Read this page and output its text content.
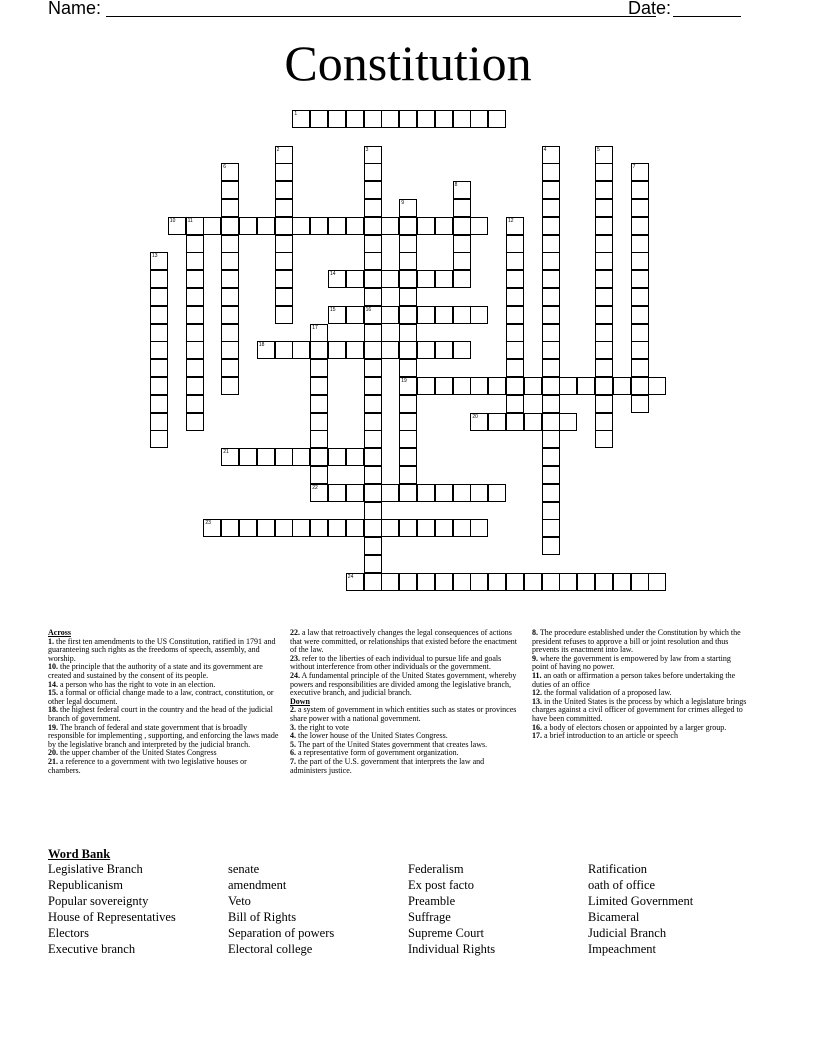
Name:	Date:
Constitution
1
10 11
14
15	16
18
19
20
21
22
23
24
2	3	4	5
6	7
8
9
12
13
17

Across

1. the first ten amendments to the US Constitution, ratified in 1791 and guaranteeing such rights as the freedoms of speech, assembly, and worship.

10. the principle that the authority of a state and its government are created and sustained by the consent of its people.

14. a person who has the right to vote in an election.

15. a formal or official change made to a law, contract, constitution, or other legal document.

18. the highest federal court in the country and the head of the judicial branch of government.

19. The branch of federal and state government that is broadly responsible for implementing , supporting, and enforcing the laws made by the legislative branch and interpreted by the judicial branch.

20. the upper chamber of the United States Congress

21. a reference to a government with two legislative houses or chambers.

22. a law that retroactively changes the legal consequences of actions that were committed, or relationships that existed before the enactment of the law.

23. refer to the liberties of each individual to pursue life and goals without interference from other individuals or the government.

24. A fundamental principle of the United States government, whereby powers and responsibilities are divided among the legislative branch, executive branch, and judicial branch.

Down

2. a system of government in which entities such as states or provinces share power with a national government.

3. the right to vote

4. the lower house of the United States Congress.

5. The part of the United States government that creates laws.

6. a representative form of government organization.

7. the part of the U.S. government that interprets the law and administers justice.

8. The procedure established under the Constitution by which the president refuses to approve a bill or joint resolution and thus prevents its enactment into law.

9. where the government is empowered by law from a starting point of having no power.

11. an oath or affirmation a person takes before undertaking the duties of an office

12. the formal validation of a proposed law.

13. in the United States is the process by which a legislature brings charges against a civil officer of government for crimes alleged to have been committed.

16. a body of electors chosen or appointed by a larger group.

17. a brief introduction to an article or speech

Word Bank
Legislative Branch
Republicanism
Popular sovereignty
House of Representatives
Electors
Executive branch
senate
amendment
Veto
Bill of Rights
Separation of powers
Electoral college
Federalism
Ex post facto
Preamble
Suffrage
Supreme Court
Individual Rights
Ratification
oath of office
Limited Government
Bicameral
Judicial Branch
Impeachment
